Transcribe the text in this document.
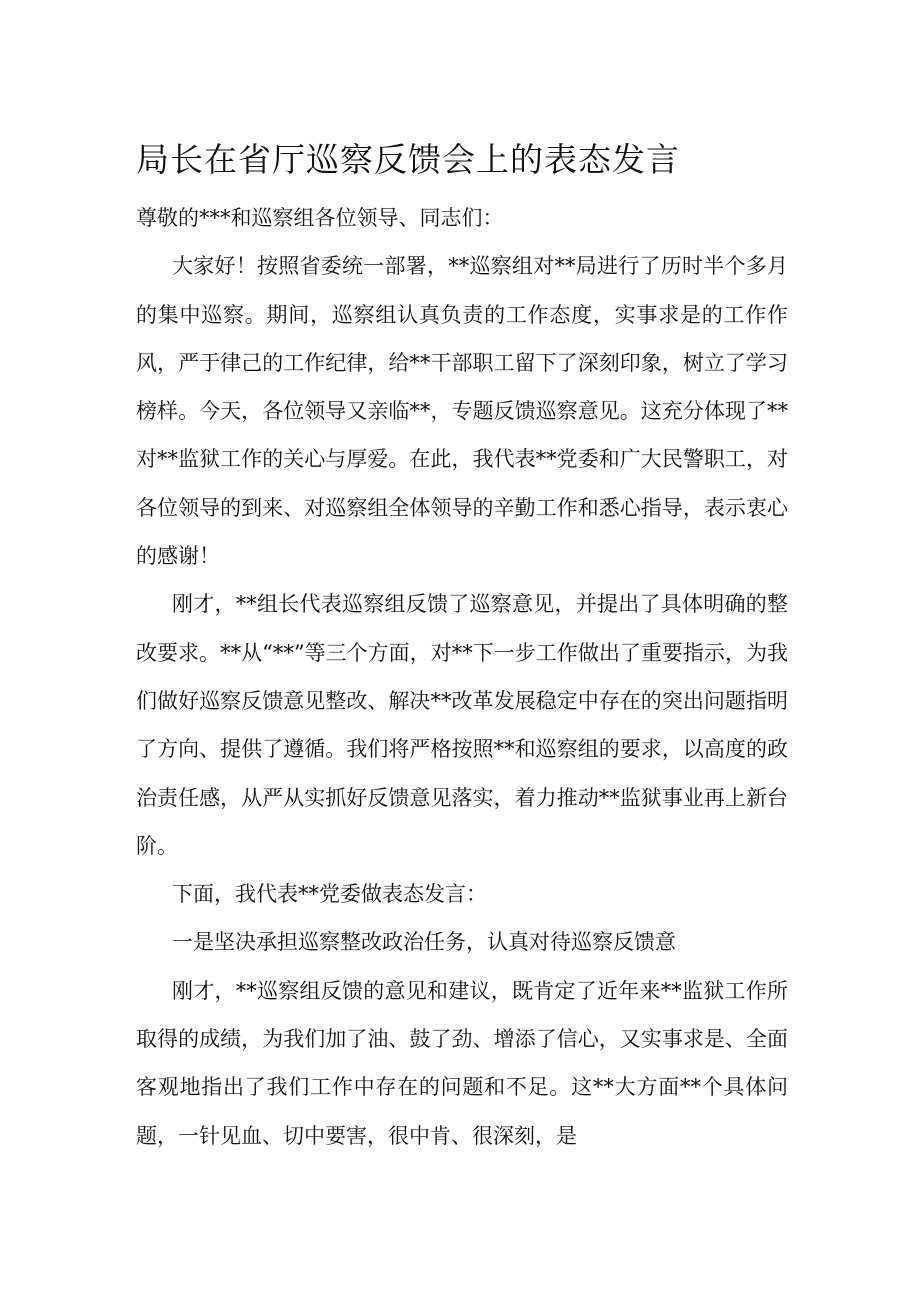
局长在省厅巡察反馈会上的表态发言

尊敬的***和巡察组各位领导、同志们：

大家好！按照省委统一部署，**巡察组对**局进行了历时半个多月的集中巡察。期间，巡察组认真负责的工作态度，实事求是的工作作风，严于律己的工作纪律，给**干部职工留下了深刻印象，树立了学习榜样。今天，各位领导又亲临**，专题反馈巡察意见。这充分体现了**对**监狱工作的关心与厚爱。在此，我代表**党委和广大民警职工，对各位领导的到来、对巡察组全体领导的辛勤工作和悉心指导，表示衷心的感谢！

刚才，**组长代表巡察组反馈了巡察意见，并提出了具体明确的整改要求。**从“**”等三个方面，对**下一步工作做出了重要指示，为我们做好巡察反馈意见整改、解决**改革发展稳定中存在的突出问题指明了方向、提供了遵循。我们将严格按照**和巡察组的要求，以高度的政治责任感，从严从实抓好反馈意见落实，着力推动**监狱事业再上新台阶。

下面，我代表**党委做表态发言：

一是坚决承担巡察整改政治任务，认真对待巡察反馈意

刚才，**巡察组反馈的意见和建议，既肯定了近年来**监狱工作所取得的成绩，为我们加了油、鼓了劲、增添了信心，又实事求是、全面客观地指出了我们工作中存在的问题和不足。这**大方面**个具体问题，一针见血、切中要害，很中肯、很深刻，是
